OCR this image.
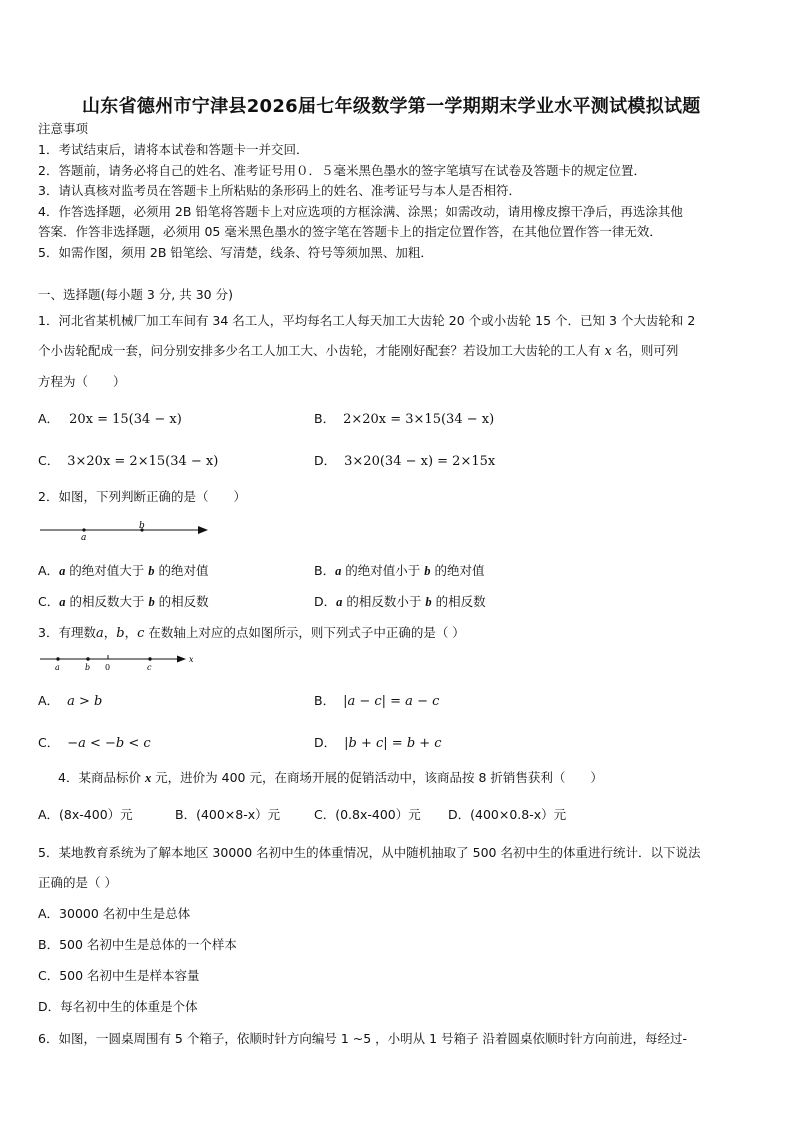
山东省德州市宁津县2026届七年级数学第一学期期末学业水平测试模拟试题
注意事项
1．考试结束后，请将本试卷和答题卡一并交回．
2．答题前，请务必将自己的姓名、准考证号用０．５毫米黑色墨水的签字笔填写在试卷及答题卡的规定位置．
3．请认真核对监考员在答题卡上所粘贴的条形码上的姓名、准考证号与本人是否相符．
4．作答选择题，必须用 2B 铅笔将答题卡上对应选项的方框涂满、涂黑；如需改动，请用橡皮擦干净后，再选涂其他
答案．作答非选择题，必须用 05 毫米黑色墨水的签字笔在答题卡上的指定位置作答，在其他位置作答一律无效．
5．如需作图，须用 2B 铅笔绘、写清楚，线条、符号等须加黑、加粗．
一、选择题(每小题 3 分, 共 30 分)
1．河北省某机械厂加工车间有 34 名工人，平均每名工人每天加工大齿轮 20 个或小齿轮 15 个．已知 3 个大齿轮和 2
个小齿轮配成一套，问分别安排多少名工人加工大、小齿轮，才能刚好配套？若设加工大齿轮的工人有 x 名，则可列
方程为（　　）
A． 20x = 15(34 − x)	B． 2×20x = 3×15(34 − x)
C． 3×20x = 2×15(34 − x)	D． 3×20(34 − x) = 2×15x
2．如图，下列判断正确的是（　　）
a
b
A．a 的绝对值大于 b 的绝对值	B．a 的绝对值小于 b 的绝对值
C．a 的相反数大于 b 的相反数	D．a 的相反数小于 b 的相反数
3．有理数a，b，c 在数轴上对应的点如图所示，则下列式子中正确的是（ ）
a	b 0	c
x
A． a > b	B． |a − c| = a − c
C． −a < −b < c	D． |b + c| = b + c
4．某商品标价 x 元，进价为 400 元，在商场开展的促销活动中，该商品按 8 折销售获利（　　）
A．(8x-400）元	B．(400×8-x）元	C．(0.8x-400）元 D．(400×0.8-x）元
5．某地教育系统为了解本地区 30000 名初中生的体重情况，从中随机抽取了 500 名初中生的体重进行统计．以下说法
正确的是（ ）
A．30000 名初中生是总体
B．500 名初中生是总体的一个样本
C．500 名初中生是样本容量
D．每名初中生的体重是个体
6．如图，一圆桌周围有 5 个箱子，依顺时针方向编号 1 ~5 ，小明从 1 号箱子 沿着圆桌依顺时针方向前进，每经过-
